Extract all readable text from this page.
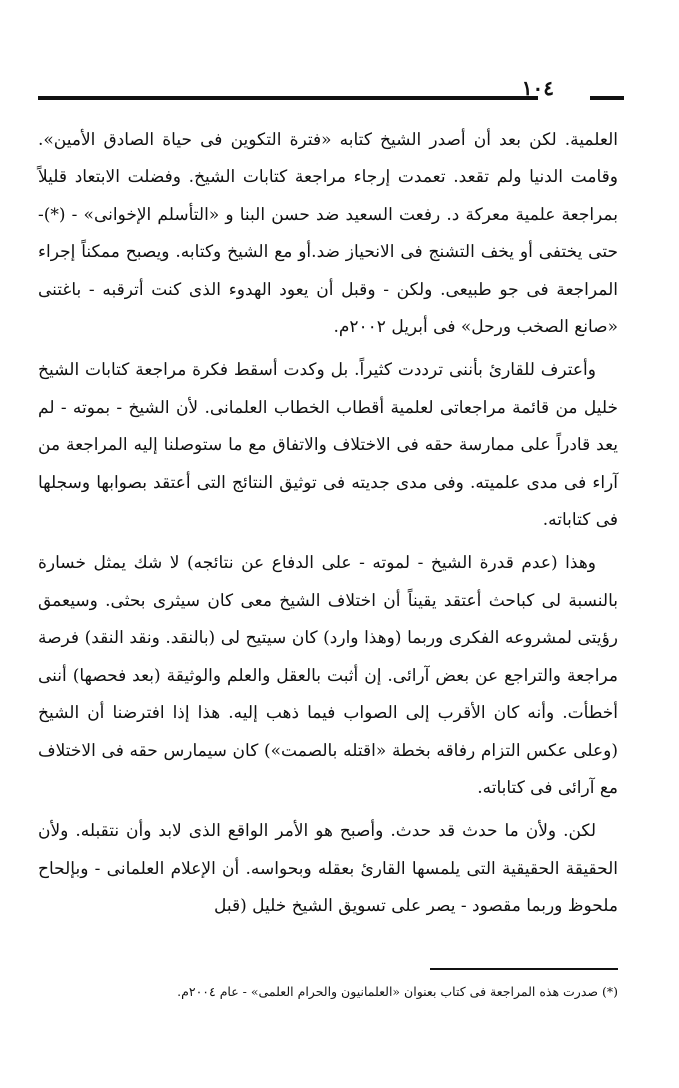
١٠٤

العلمية. لكن بعد أن أصدر الشيخ كتابه «فترة التكوين فى حياة الصادق الأمين». وقامت الدنيا ولم تقعد. تعمدت إرجاء مراجعة كتابات الشيخ. وفضلت الابتعاد قليلاً بمراجعة علمية معركة د. رفعت السعيد ضد حسن البنا و «التأسلم الإخوانى» - (*)-حتى يختفى أو يخف التشنج فى الانحياز ضد.أو مع الشيخ وكتابه. ويصبح ممكناً إجراء المراجعة فى جو طبيعى. ولكن - وقبل أن يعود الهدوء الذى كنت أترقبه - باغتنى «صانع الصخب ورحل» فى أبريل ٢٠٠٢م.

وأعترف للقارئ بأننى ترددت كثيراً. بل وكدت أسقط فكرة مراجعة كتابات الشيخ خليل من قائمة مراجعاتى لعلمية أقطاب الخطاب العلمانى. لأن الشيخ - بموته - لم يعد قادراً على ممارسة حقه فى الاختلاف والاتفاق مع ما ستوصلنا إليه المراجعة من آراء فى مدى علميته. وفى مدى جديته فى توثيق النتائج التى أعتقد بصوابها وسجلها فى كتاباته.

وهذا (عدم قدرة الشيخ - لموته - على الدفاع عن نتائجه) لا شك يمثل خسارة بالنسبة لى كباحث أعتقد يقيناً أن اختلاف الشيخ معى كان سيثرى بحثى. وسيعمق رؤيتى لمشروعه الفكرى وربما (وهذا وارد) كان سيتيح لى (بالنقد. ونقد النقد) فرصة مراجعة والتراجع عن بعض آرائى. إن أثبت بالعقل والعلم والوثيقة (بعد فحصها) أننى أخطأت. وأنه كان الأقرب إلى الصواب فيما ذهب إليه. هذا إذا افترضنا أن الشيخ (وعلى عكس التزام رفاقه بخطة «اقتله بالصمت») كان سيمارس حقه فى الاختلاف مع آرائى فى كتاباته.

لكن. ولأن ما حدث قد حدث. وأصبح هو الأمر الواقع الذى لابد وأن نتقبله. ولأن الحقيقة الحقيقية التى يلمسها القارئ بعقله وبحواسه. أن الإعلام العلمانى - وبإلحاح ملحوظ وربما مقصود - يصر على تسويق الشيخ خليل (قبل

(*) صدرت هذه المراجعة فى كتاب بعنوان «العلمانيون والحرام العلمى» - عام ٢٠٠٤م.
